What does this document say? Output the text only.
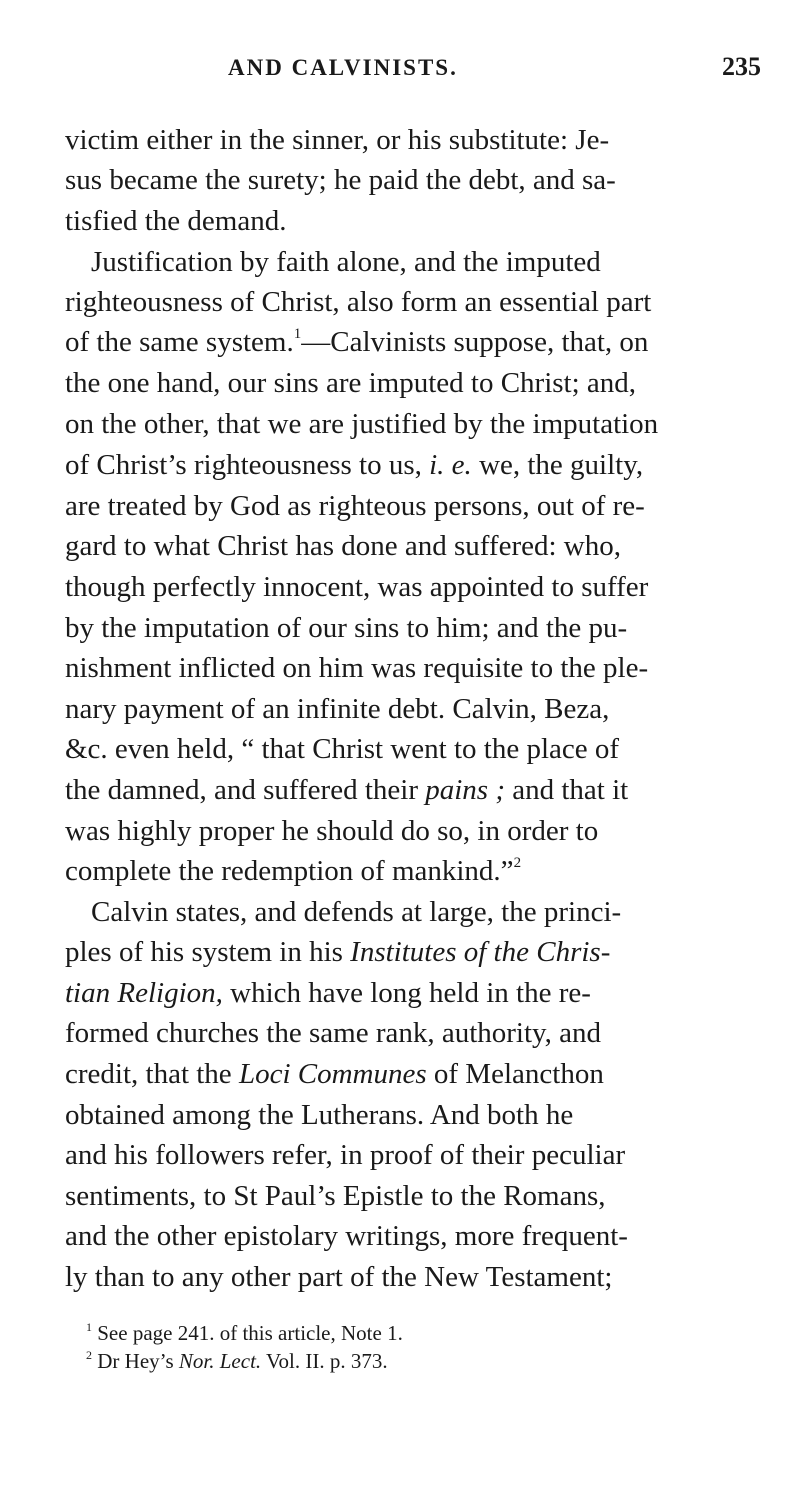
AND CALVINISTS.	235
victim either in the sinner, or his substitute: Je-
sus became the surety; he paid the debt, and sa-
tisfied the demand.
Justification by faith alone, and the imputed
righteousness of Christ, also form an essential part
of the same system.$^1$—Calvinists suppose, that, on
the one hand, our sins are imputed to Christ; and,
on the other, that we are justified by the imputation
of Christ’s righteousness to us, i. e. we, the guilty,
are treated by God as righteous persons, out of re-
gard to what Christ has done and suffered: who,
though perfectly innocent, was appointed to suffer
by the imputation of our sins to him; and the pu-
nishment inflicted on him was requisite to the ple-
nary payment of an infinite debt. Calvin, Beza,
&c. even held, “ that Christ went to the place of
the damned, and suffered their pains ; and that it
was highly proper he should do so, in order to
complete the redemption of mankind.”$^2$
Calvin states, and defends at large, the princi-
ples of his system in his Institutes of the Chris-
tian Religion, which have long held in the re-
formed churches the same rank, authority, and
credit, that the Loci Communes of Melancthon
obtained among the Lutherans. And both he
and his followers refer, in proof of their peculiar
sentiments, to St Paul’s Epistle to the Romans,
and the other epistolary writings, more frequent-
ly than to any other part of the New Testament;
$^1$ See page 241. of this article, Note 1.
$^2$ Dr Hey’s Nor. Lect. Vol. II. p. 373.
